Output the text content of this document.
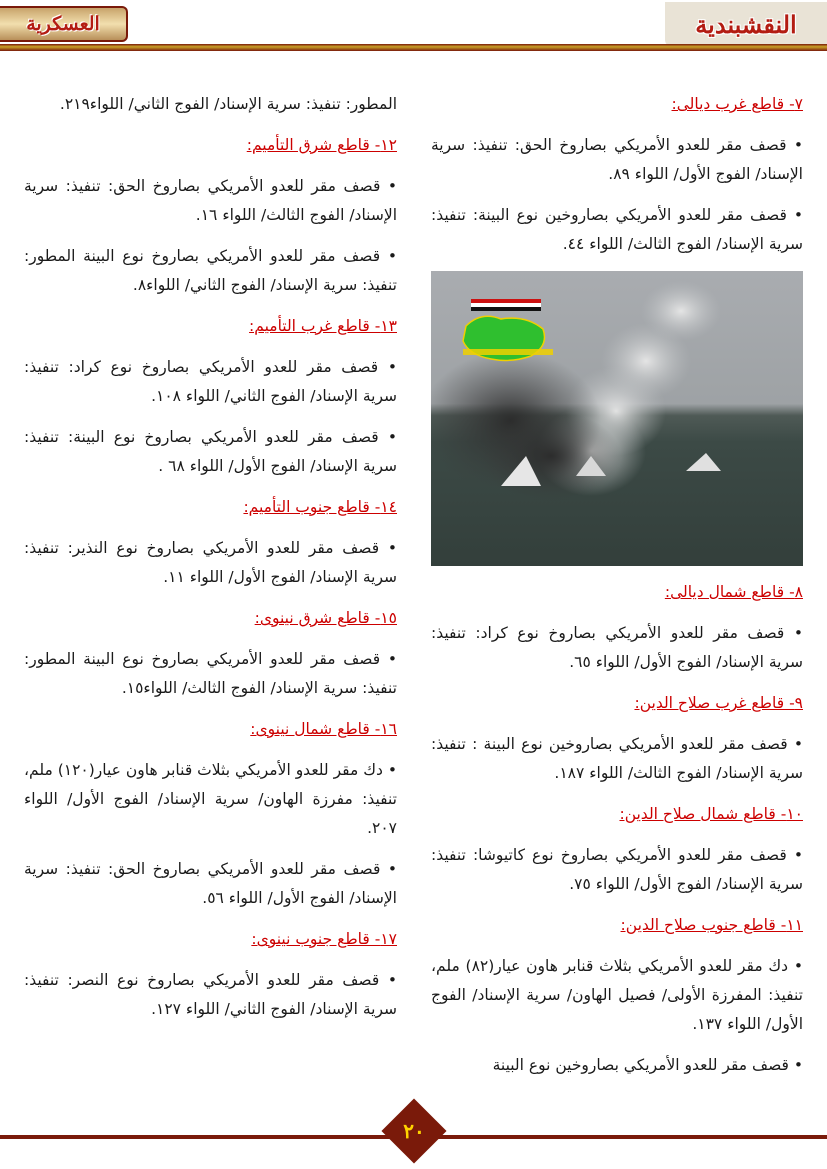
النقشبندية
العسكرية
٧- قاطع غرب ديالى:
• قصف مقر للعدو الأمريكي بصاروخ الحق: تنفيذ: سرية الإسناد/ الفوج الأول/ اللواء ٨٩.
• قصف مقر للعدو الأمريكي بصاروخين نوع البينة: تنفيذ: سرية الإسناد/ الفوج الثالث/ اللواء ٤٤.
٨- قاطع شمال ديالى:
• قصف مقر للعدو الأمريكي بصاروخ نوع كراد: تنفيذ: سرية الإسناد/ الفوج الأول/ اللواء ٦٥.
٩- قاطع غرب صلاح الدين:
• قصف مقر للعدو الأمريكي بصاروخين نوع البينة : تنفيذ: سرية الإسناد/ الفوج الثالث/ اللواء ١٨٧.
١٠- قاطع شمال صلاح الدين:
• قصف مقر للعدو الأمريكي بصاروخ نوع كاتيوشا: تنفيذ: سرية الإسناد/ الفوج الأول/ اللواء ٧٥.
١١- قاطع جنوب صلاح الدين:
• دك مقر للعدو الأمريكي بثلاث قنابر هاون عيار(٨٢) ملم، تنفيذ: المفرزة الأولى/ فصيل الهاون/ سرية الإسناد/ الفوج الأول/ اللواء ١٣٧.
• قصف مقر للعدو الأمريكي بصاروخين نوع البينة
المطور: تنفيذ: سرية الإسناد/ الفوج الثاني/ اللواء٢١٩.
١٢- قاطع شرق التأميم:
• قصف مقر للعدو الأمريكي بصاروخ الحق: تنفيذ: سرية الإسناد/ الفوج الثالث/ اللواء ١٦.
• قصف مقر للعدو الأمريكي بصاروخ نوع البينة المطور: تنفيذ: سرية الإسناد/ الفوج الثاني/ اللواء٨.
١٣- قاطع غرب التأميم:
• قصف مقر للعدو الأمريكي بصاروخ نوع كراد: تنفيذ: سرية الإسناد/ الفوج الثاني/ اللواء ١٠٨.
• قصف مقر للعدو الأمريكي بصاروخ نوع البينة: تنفيذ: سرية الإسناد/ الفوج الأول/ اللواء ٦٨ .
١٤- قاطع جنوب التأميم:
• قصف مقر للعدو الأمريكي بصاروخ نوع النذير: تنفيذ: سرية الإسناد/ الفوج الأول/ اللواء ١١.
١٥- قاطع شرق نينوى:
• قصف مقر للعدو الأمريكي بصاروخ نوع البينة المطور: تنفيذ: سرية الإسناد/ الفوج الثالث/ اللواء١٥.
١٦- قاطع شمال نينوى:
• دك مقر للعدو الأمريكي بثلاث قنابر هاون عيار(١٢٠) ملم، تنفيذ: مفرزة الهاون/ سرية الإسناد/ الفوج الأول/ اللواء ٢٠٧.
• قصف مقر للعدو الأمريكي بصاروخ الحق: تنفيذ: سرية الإسناد/ الفوج الأول/ اللواء ٥٦.
١٧- قاطع جنوب نينوى:
• قصف مقر للعدو الأمريكي بصاروخ نوع النصر: تنفيذ: سرية الإسناد/ الفوج الثاني/ اللواء ١٢٧.
٢٠
